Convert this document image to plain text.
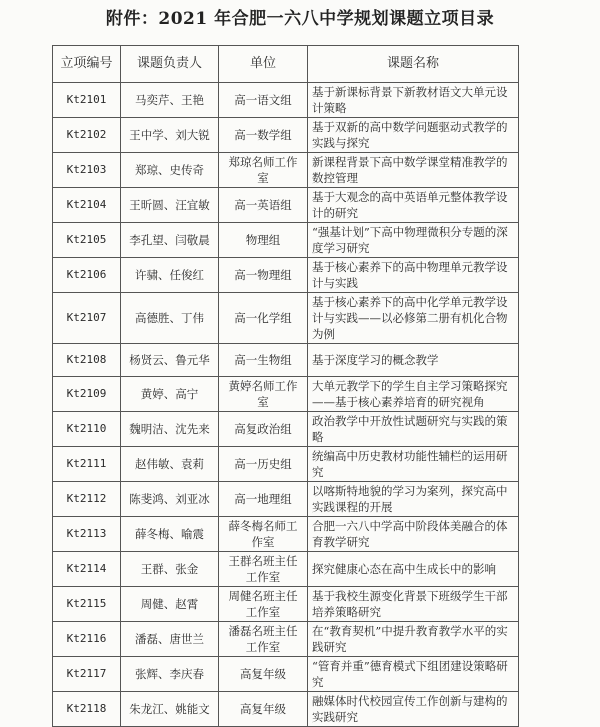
附件：2021 年合肥一六八中学规划课题立项目录
立项编号	课题负责人	单位	课题名称
Kt2101	马奕芹、王艳	高一语文组	基于新课标背景下新教材语文大单元设计策略
Kt2102	王中学、刘大锐	高一数学组	基于双新的高中数学问题驱动式教学的实践与探究
Kt2103	郑琼、史传奇	郑琼名师工作室	新课程背景下高中数学课堂精准教学的数控管理
Kt2104	王昕圆、汪宜敏	高一英语组	基于大观念的高中英语单元整体教学设计的研究
Kt2105	李孔望、闫敬晨	物理组	“强基计划”下高中物理微积分专题的深度学习研究
Kt2106	许骕、任俊红	高一物理组	基于核心素养下的高中物理单元教学设计与实践
Kt2107	高德胜、丁伟	高一化学组	基于核心素养下的高中化学单元教学设计与实践——以必修第二册有机化合物为例
Kt2108	杨贤云、鲁元华	高一生物组	基于深度学习的概念教学
Kt2109	黄婷、高宁	黄婷名师工作室	大单元教学下的学生自主学习策略探究——基于核心素养培育的研究视角
Kt2110	魏明洁、沈先来	高复政治组	政治教学中开放性试题研究与实践的策略
Kt2111	赵伟敏、袁莉	高一历史组	统编高中历史教材功能性辅栏的运用研究
Kt2112	陈斐鸿、刘亚冰	高一地理组	以喀斯特地貌的学习为案列，探究高中实践课程的开展
Kt2113	薛冬梅、喻震	薛冬梅名师工作室	合肥一六八中学高中阶段体美融合的体育教学研究
Kt2114	王群、张金	王群名班主任工作室	探究健康心态在高中生成长中的影响
Kt2115	周健、赵霄	周健名班主任工作室	基于我校生源变化背景下班级学生干部培养策略研究
Kt2116	潘磊、唐世兰	潘磊名班主任工作室	在“教育契机”中提升教育教学水平的实践研究
Kt2117	张辉、李庆春	高复年级	“管育并重”德育模式下组团建设策略研究
Kt2118	朱龙江、姚能文	高复年级	融媒体时代校园宣传工作创新与建构的实践研究
